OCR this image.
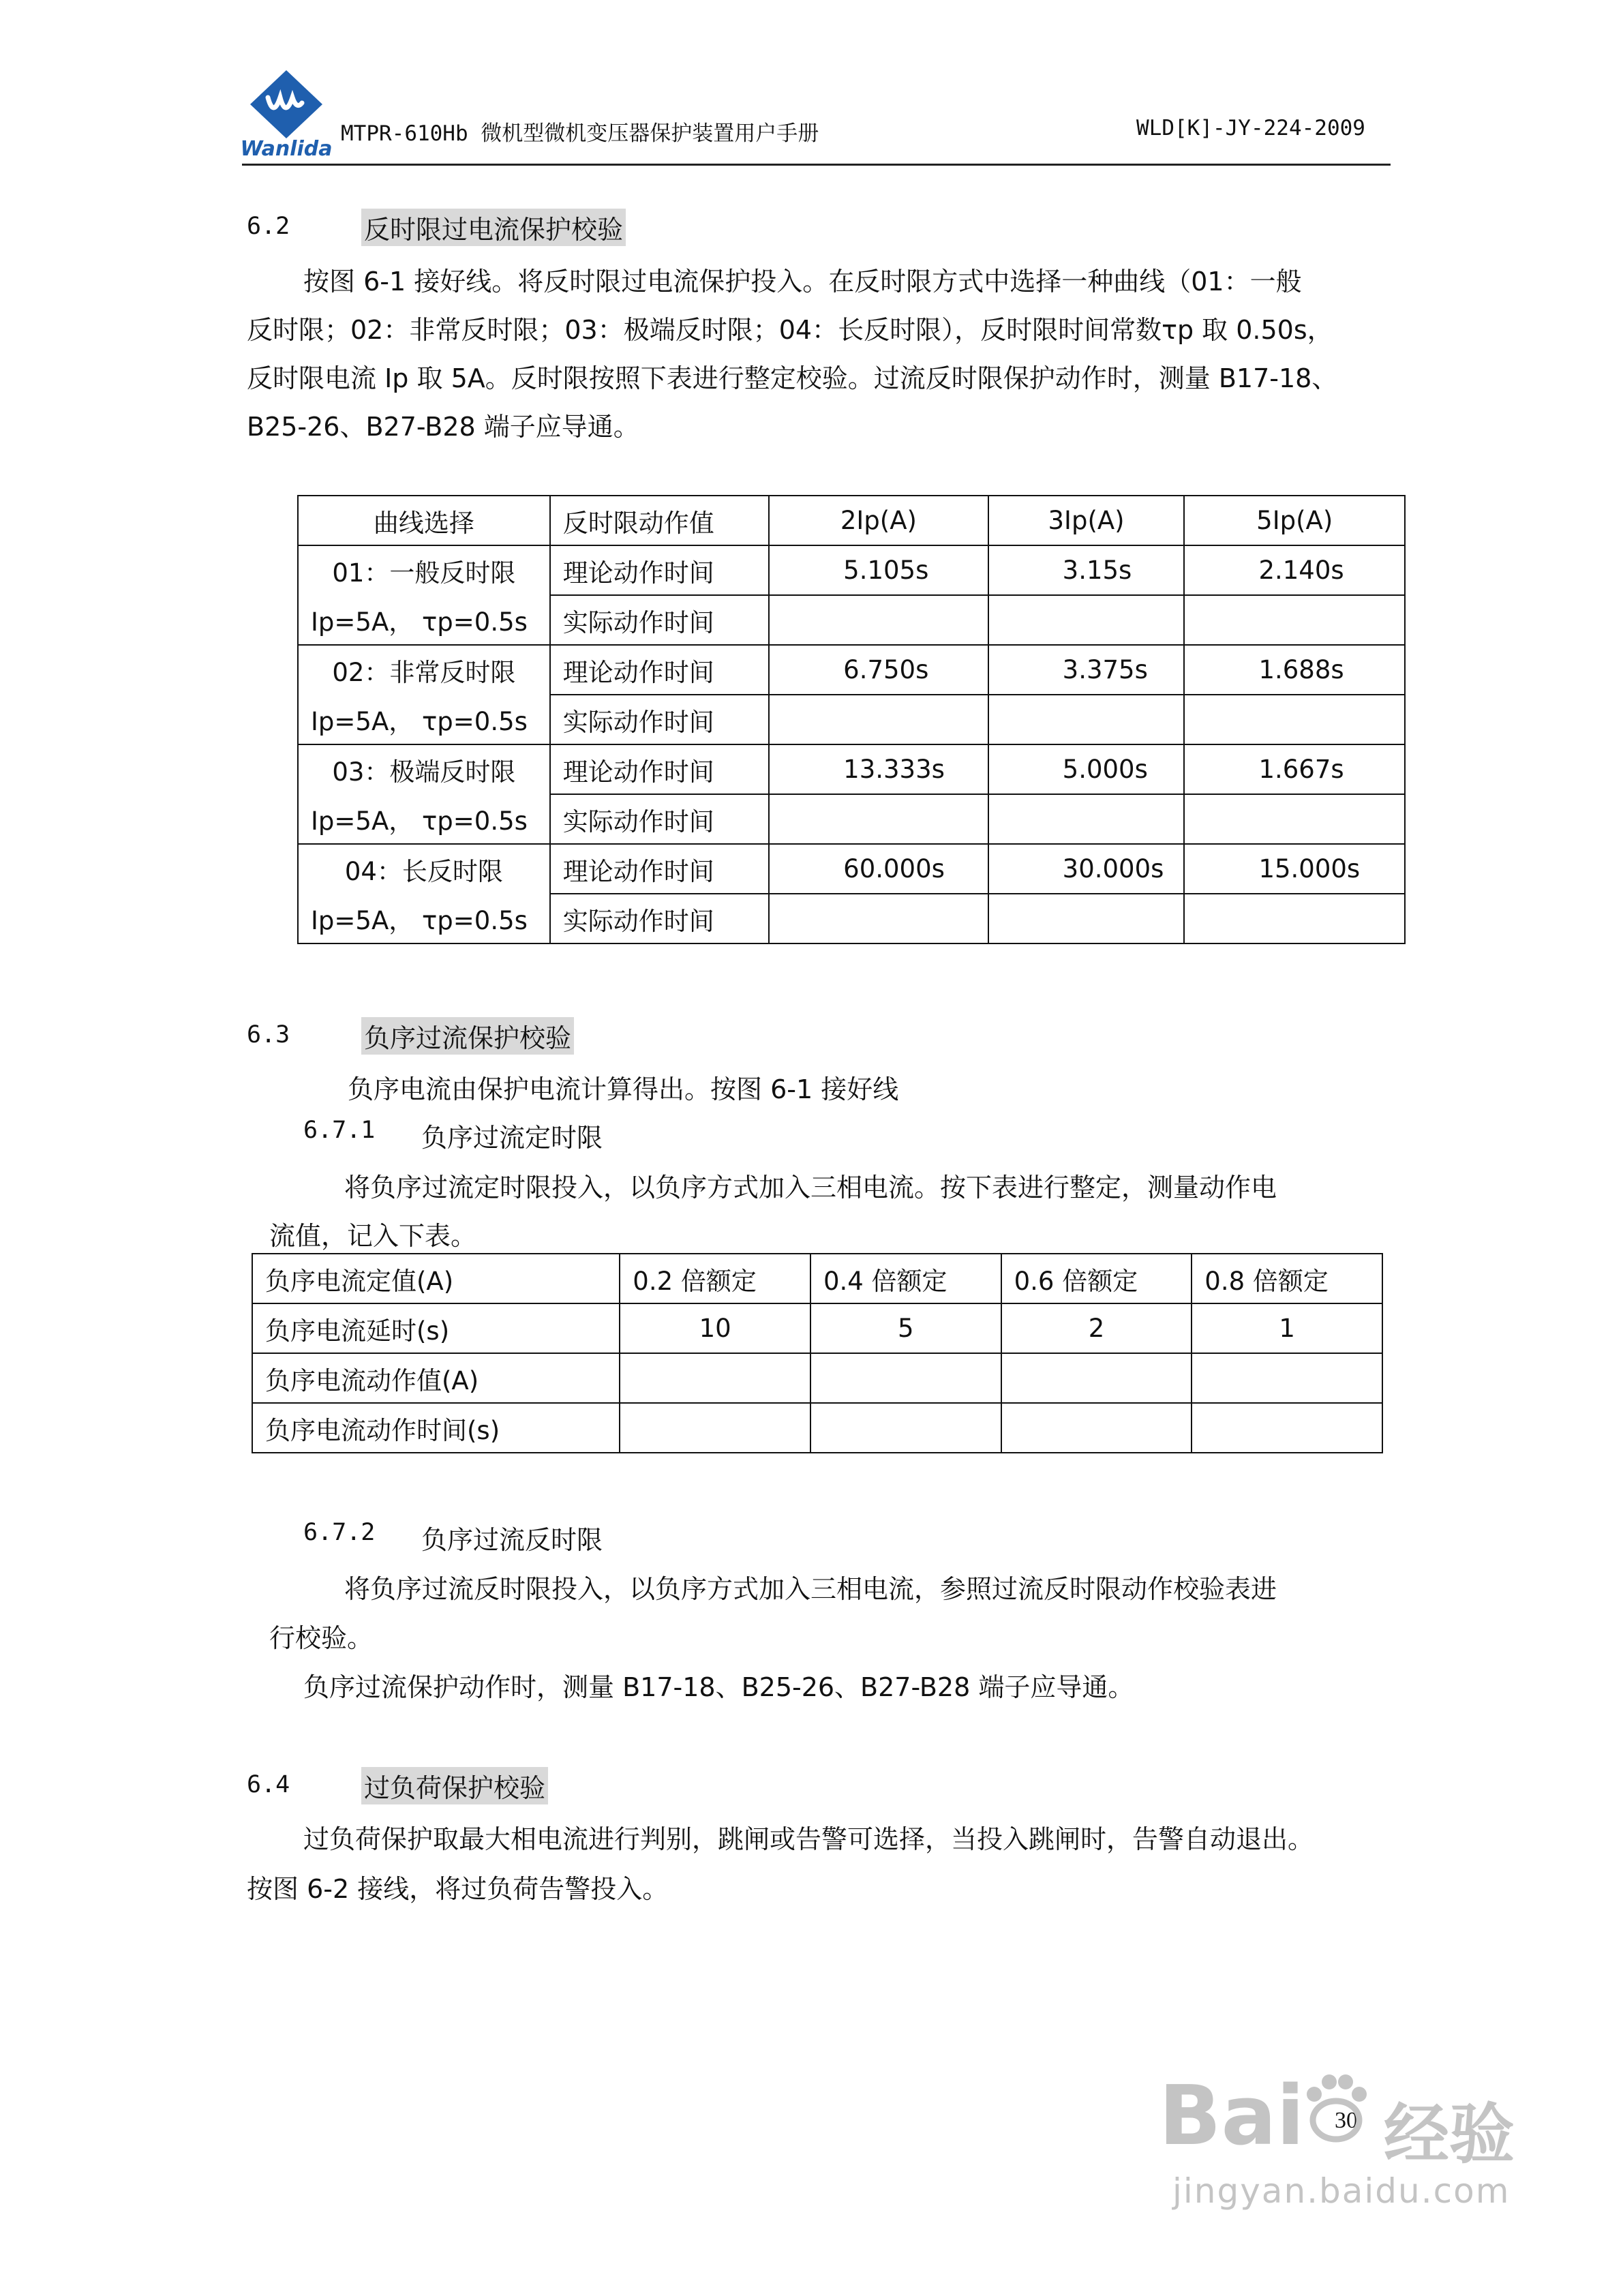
Wanlida
MTPR-610Hb 微机型微机变压器保护装置用户手册	WLD[K]-JY-224-2009
6.2	反时限过电流保护校验
按图 6-1 接好线。将反时限过电流保护投入。在反时限方式中选择一种曲线（01：一般
反时限；02：非常反时限；03：极端反时限；04：长反时限），反时限时间常数τp 取 0.50s，
反时限电流 Ip 取 5A。反时限按照下表进行整定校验。过流反时限保护动作时，测量 B17-18、
B25-26、B27-B28 端子应导通。
曲线选择	反时限动作值	2Ip(A)	3Ip(A)	5Ip(A)
01：一般反时限	理论动作时间	5.105s	3.15s	2.140s
Ip=5A， τp=0.5s	实际动作时间			
02：非常反时限	理论动作时间	6.750s	3.375s	1.688s
Ip=5A， τp=0.5s	实际动作时间			
03：极端反时限	理论动作时间	13.333s	5.000s	1.667s
Ip=5A， τp=0.5s	实际动作时间			
04：长反时限	理论动作时间	60.000s	30.000s	15.000s
Ip=5A， τp=0.5s	实际动作时间			
6.3	负序过流保护校验
负序电流由保护电流计算得出。按图 6-1 接好线
6.7.1 负序过流定时限
将负序过流定时限投入，以负序方式加入三相电流。按下表进行整定，测量动作电
流值，记入下表。
负序电流定值(A)	0.2 倍额定	0.4 倍额定	0.6 倍额定	0.8 倍额定
负序电流延时(s)	10	5	2	1
负序电流动作值(A)				
负序电流动作时间(s)				
6.7.2 负序过流反时限
将负序过流反时限投入，以负序方式加入三相电流，参照过流反时限动作校验表进
行校验。
负序过流保护动作时，测量 B17-18、B25-26、B27-B28 端子应导通。
6.4	过负荷保护校验
过负荷保护取最大相电流进行判别，跳闸或告警可选择，当投入跳闸时，告警自动退出。
按图 6-2 接线，将过负荷告警投入。
30
Bai 经验
jingyan.baidu.com
